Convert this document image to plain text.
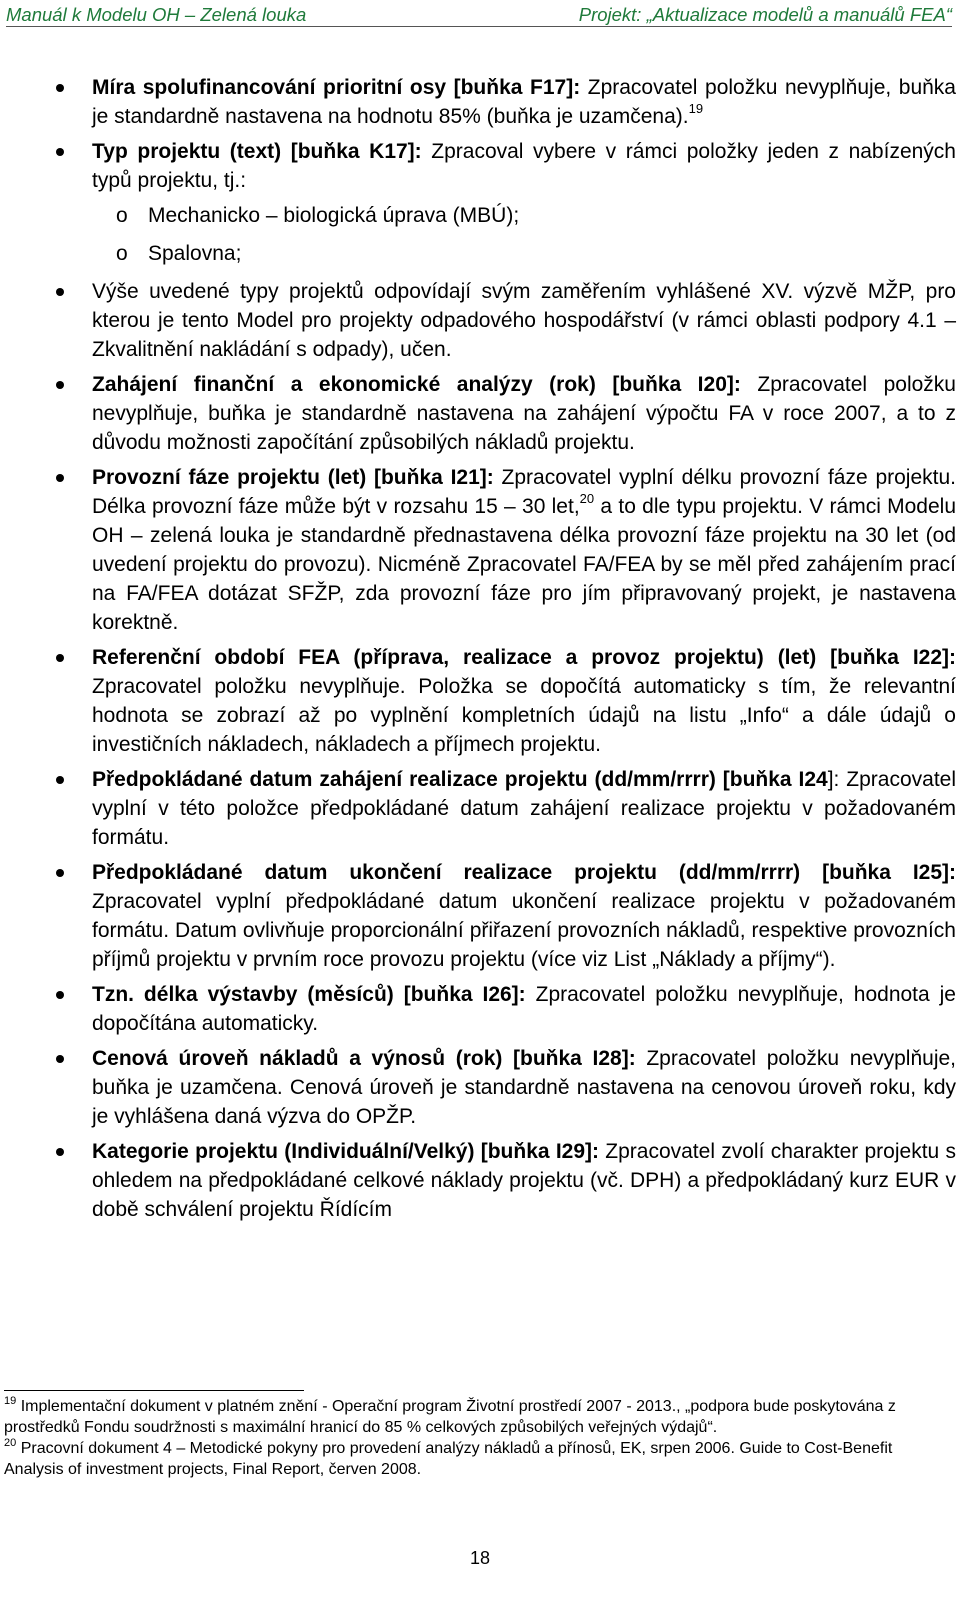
Manuál k Modelu OH – Zelená louka	Projekt: „Aktualizace modelů a manuálů FEA“
Míra spolufinancování prioritní osy [buňka F17]: Zpracovatel položku nevyplňuje, buňka je standardně nastavena na hodnotu 85% (buňka je uzamčena).$^{19}$
Typ projektu (text) [buňka K17]: Zpracoval vybere v rámci položky jeden z nabízených typů projektu, tj.:
o Mechanicko – biologická úprava (MBÚ);
o Spalovna;
Výše uvedené typy projektů odpovídají svým zaměřením vyhlášené XV. výzvě MŽP, pro kterou je tento Model pro projekty odpadového hospodářství (v rámci oblasti podpory 4.1 – Zkvalitnění nakládání s odpady), učen.
Zahájení finanční a ekonomické analýzy (rok) [buňka I20]: Zpracovatel položku nevyplňuje, buňka je standardně nastavena na zahájení výpočtu FA v roce 2007, a to z důvodu možnosti započítání způsobilých nákladů projektu.
Provozní fáze projektu (let) [buňka I21]: Zpracovatel vyplní délku provozní fáze projektu. Délka provozní fáze může být v rozsahu 15 – 30 let,$^{20}$ a to dle typu projektu. V rámci Modelu OH – zelená louka je standardně přednastavena délka provozní fáze projektu na 30 let (od uvedení projektu do provozu). Nicméně Zpracovatel FA/FEA by se měl před zahájením prací na FA/FEA dotázat SFŽP, zda provozní fáze pro jím připravovaný projekt, je nastavena korektně.
Referenční období FEA (příprava, realizace a provoz projektu) (let) [buňka I22]: Zpracovatel položku nevyplňuje. Položka se dopočítá automaticky s tím, že relevantní hodnota se zobrazí až po vyplnění kompletních údajů na listu „Info“ a dále údajů o investičních nákladech, nákladech a příjmech projektu.
Předpokládané datum zahájení realizace projektu (dd/mm/rrrr) [buňka I24]: Zpracovatel vyplní v této položce předpokládané datum zahájení realizace projektu v požadovaném formátu.
Předpokládané datum ukončení realizace projektu (dd/mm/rrrr) [buňka I25]: Zpracovatel vyplní předpokládané datum ukončení realizace projektu v požadovaném formátu. Datum ovlivňuje proporcionální přiřazení provozních nákladů, respektive provozních příjmů projektu v prvním roce provozu projektu (více viz List „Náklady a příjmy“).
Tzn. délka výstavby (měsíců) [buňka I26]: Zpracovatel položku nevyplňuje, hodnota je dopočítána automaticky.
Cenová úroveň nákladů a výnosů (rok) [buňka I28]: Zpracovatel položku nevyplňuje, buňka je uzamčena. Cenová úroveň je standardně nastavena na cenovou úroveň roku, kdy je vyhlášena daná výzva do OPŽP.
Kategorie projektu (Individuální/Velký) [buňka I29]: Zpracovatel zvolí charakter projektu s ohledem na předpokládané celkové náklady projektu (vč. DPH) a předpokládaný kurz EUR v době schválení projektu Řídícím
$^{19}$ Implementační dokument v platném znění - Operační program Životní prostředí 2007 - 2013., „podpora bude poskytována z prostředků Fondu soudržnosti s maximální hranicí do 85 % celkových způsobilých veřejných výdajů“.
$^{20}$ Pracovní dokument 4 – Metodické pokyny pro provedení analýzy nákladů a přínosů, EK, srpen 2006. Guide to Cost-Benefit Analysis of investment projects, Final Report, červen 2008.
18
